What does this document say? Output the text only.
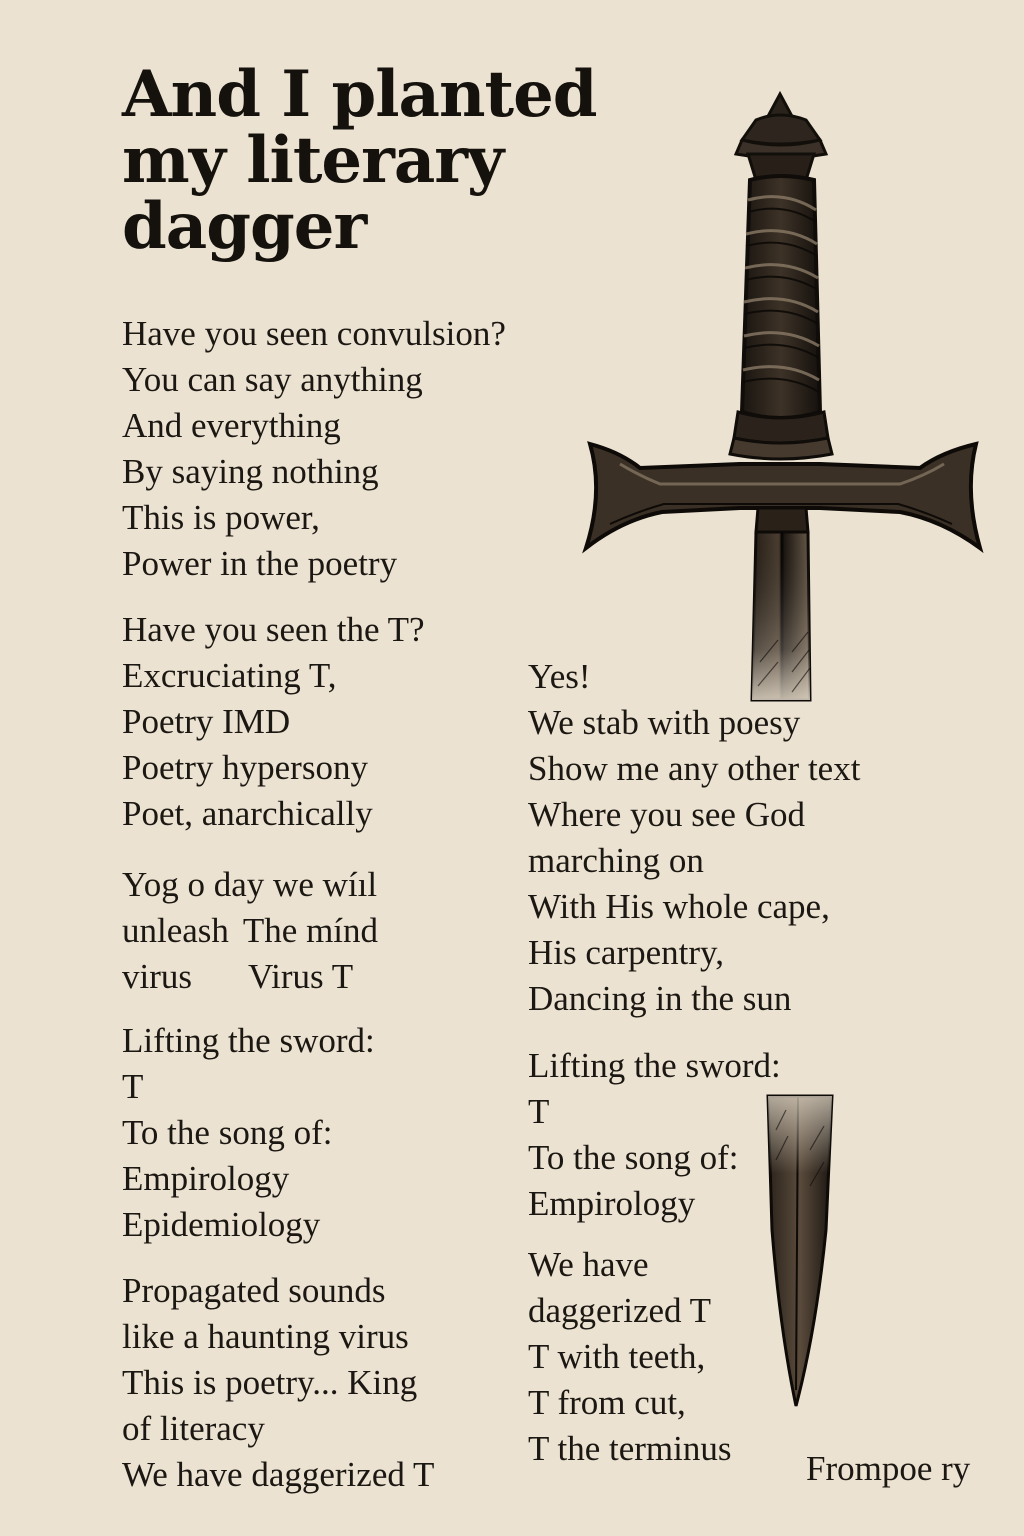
And I planted my literary dagger
Have you seen convulsion?
You can say anything
And everything
By saying nothing
This is power,
Power in the poetry
Have you seen the T?
Excruciating T,
Poetry IMD
Poetry hypersony
Poet, anarchically
Yog o day we wíıl
unleash The mínd
virus Virus T
Lifting the sword:
T
To the song of:
Empirology
Epidemiology
Propagated sounds
like a haunting virus
This is poetry... King
of literacy
We have daggerized T
Yes!
We stab with poesy
Show me any other text
Where you see God
marching on
With His whole cape,
His carpentry,
Dancing in the sun
Lifting the sword:
T
To the song of:
Empirology
We have
daggerized T
T with teeth,
T from cut,
T the terminus
Frompoe ry
